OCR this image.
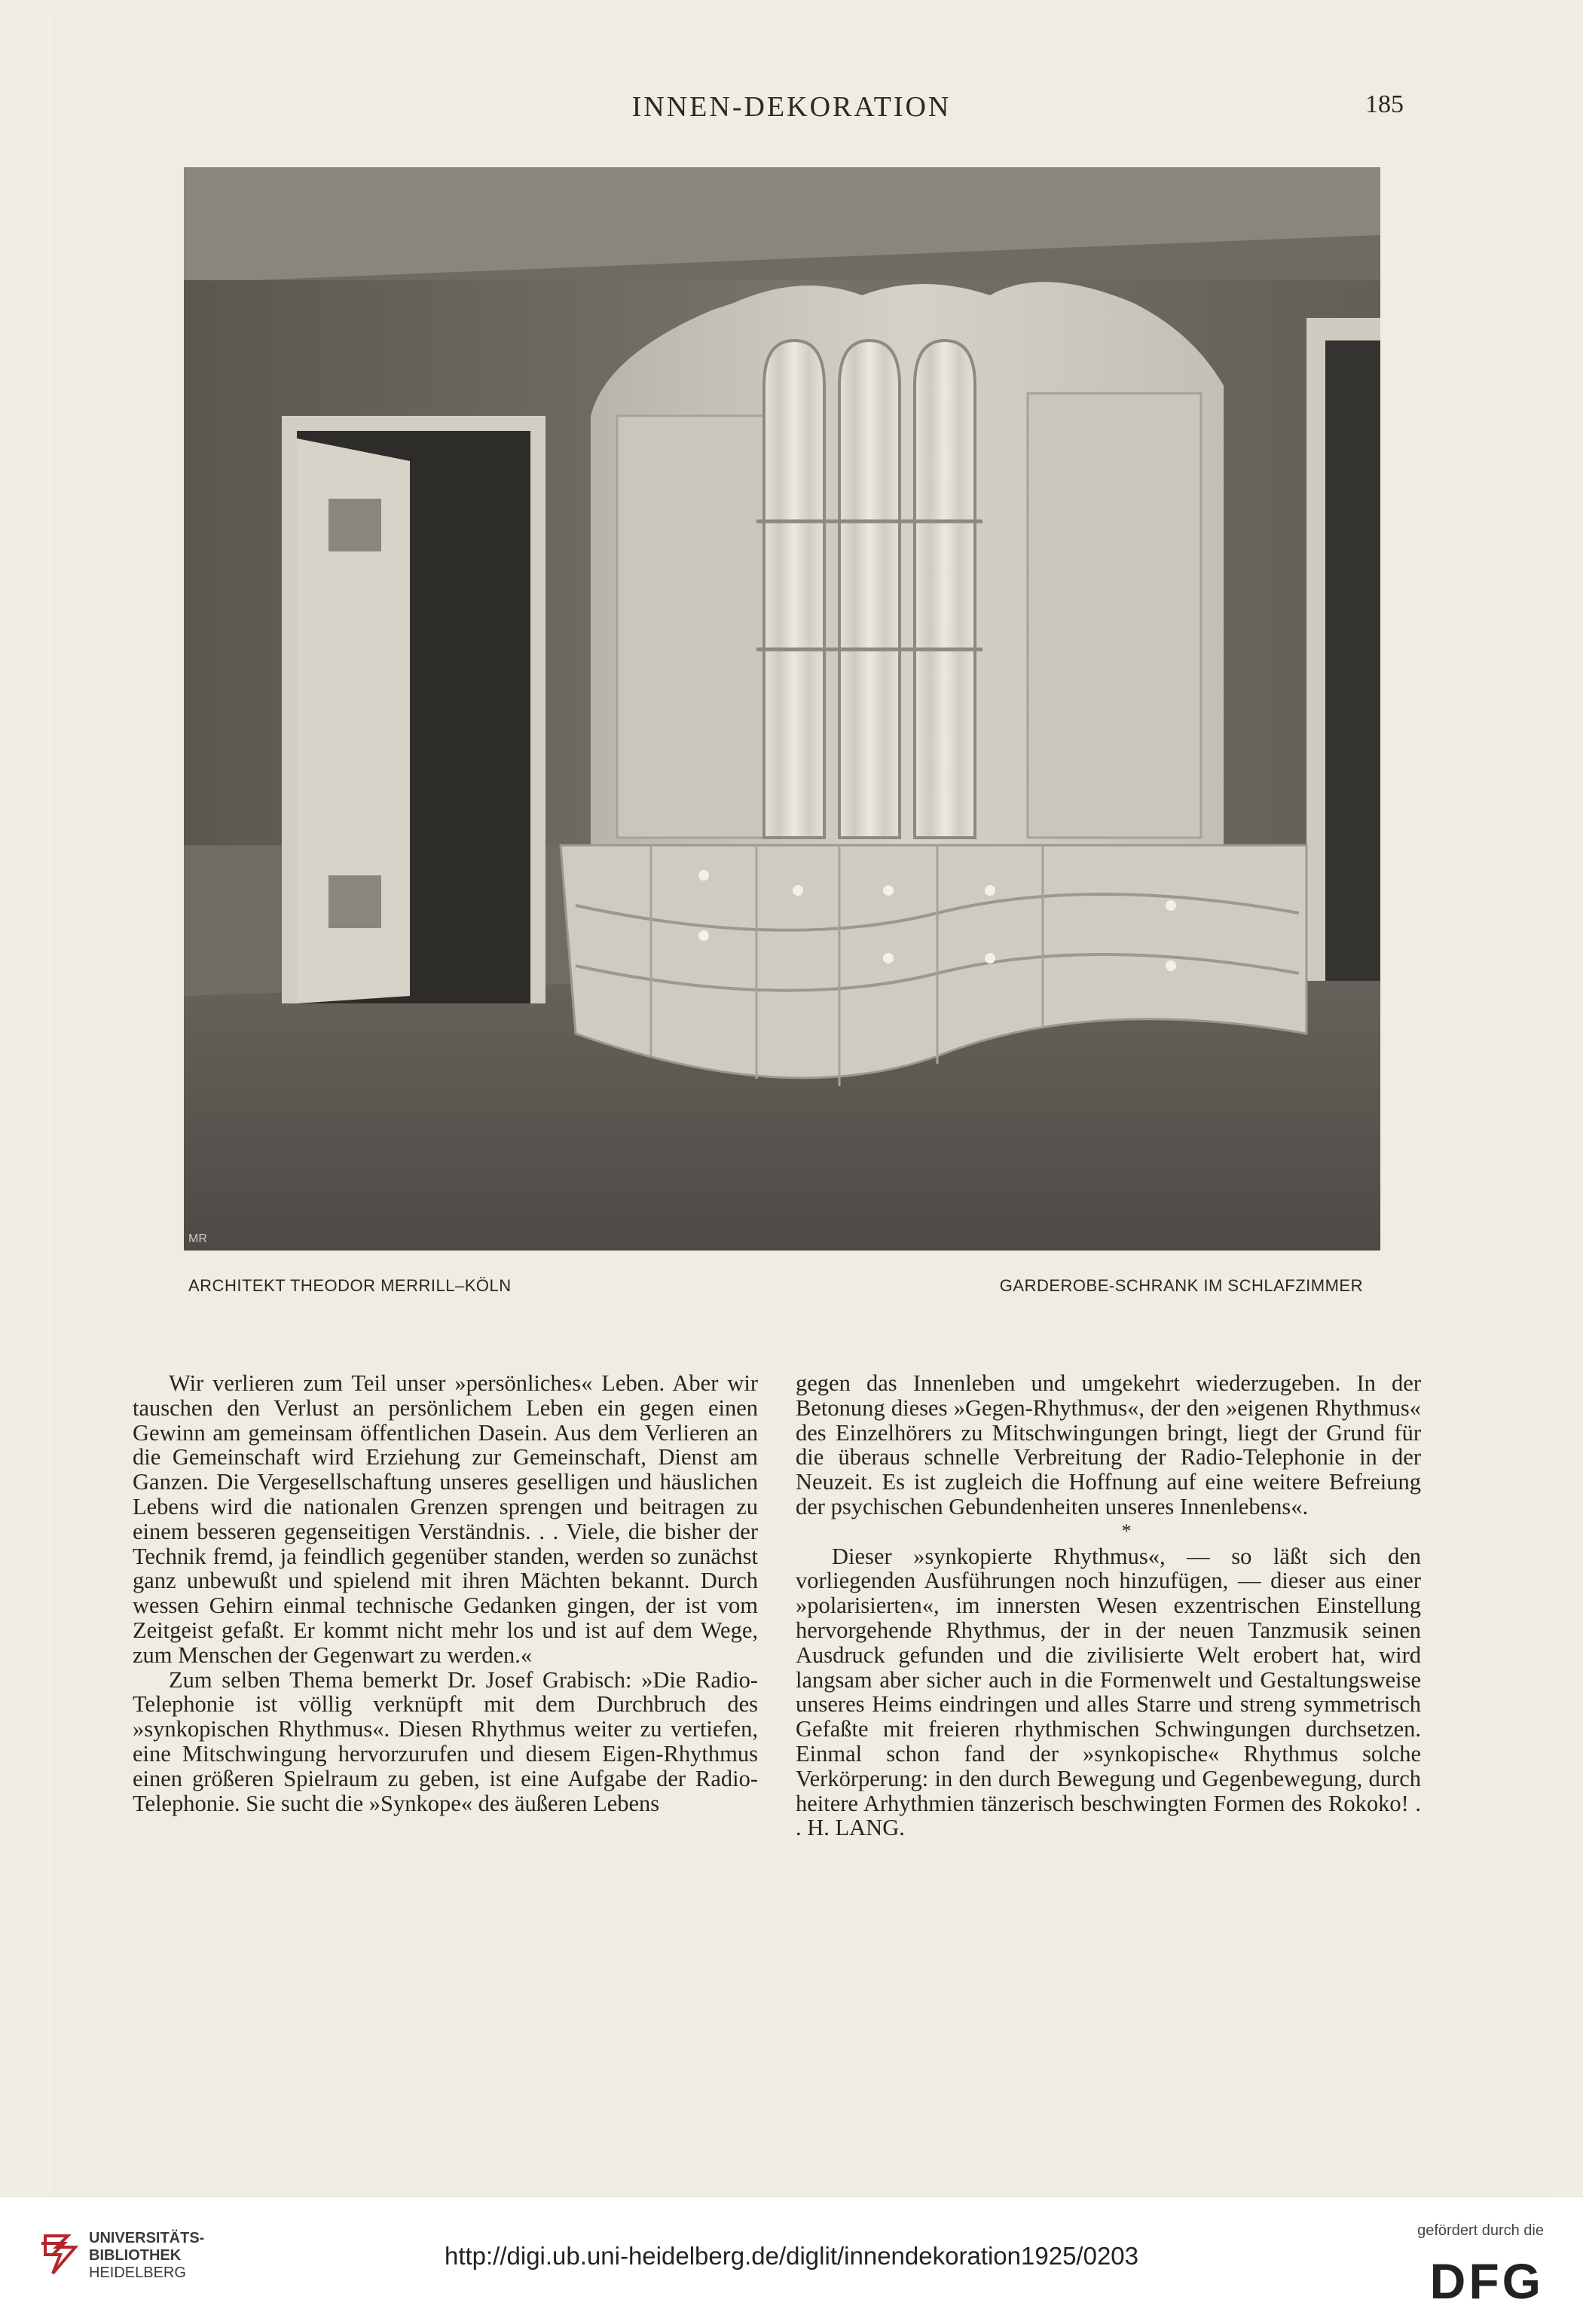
INNEN-DEKORATION	185
MR
ARCHITEKT THEODOR MERRILL–KÖLN	GARDEROBE-SCHRANK IM SCHLAFZIMMER

Wir verlieren zum Teil unser »persönliches« Leben. Aber wir tauschen den Verlust an persönlichem Leben ein gegen einen Gewinn am gemeinsam öffentlichen Dasein. Aus dem Verlieren an die Gemeinschaft wird Erziehung zur Gemeinschaft, Dienst am Ganzen. Die Vergesellschaftung unseres geselligen und häuslichen Lebens wird die nationalen Grenzen sprengen und beitragen zu einem besseren gegenseitigen Verständnis. . . Viele, die bisher der Technik fremd, ja feindlich gegenüber standen, werden so zunächst ganz unbewußt und spielend mit ihren Mächten bekannt. Durch wessen Gehirn einmal technische Gedanken gingen, der ist vom Zeitgeist gefaßt. Er kommt nicht mehr los und ist auf dem Wege, zum Menschen der Gegenwart zu werden.«

Zum selben Thema bemerkt Dr. Josef Grabisch: »Die Radio-Telephonie ist völlig verknüpft mit dem Durchbruch des »synkopischen Rhythmus«. Diesen Rhythmus weiter zu vertiefen, eine Mitschwingung hervorzurufen und diesem Eigen-Rhythmus einen größeren Spielraum zu geben, ist eine Aufgabe der Radio-Telephonie. Sie sucht die »Synkope« des äußeren Lebens

gegen das Innenleben und umgekehrt wiederzugeben. In der Betonung dieses »Gegen-Rhythmus«, der den »eigenen Rhythmus« des Einzelhörers zu Mitschwingungen bringt, liegt der Grund für die überaus schnelle Verbreitung der Radio-Telephonie in der Neuzeit. Es ist zugleich die Hoffnung auf eine weitere Befreiung der psychischen Gebundenheiten unseres Innenlebens«.

*

Dieser »synkopierte Rhythmus«, — so läßt sich den vorliegenden Ausführungen noch hinzufügen, — dieser aus einer »polarisierten«, im innersten Wesen exzentrischen Einstellung hervorgehende Rhythmus, der in der neuen Tanzmusik seinen Ausdruck gefunden und die zivilisierte Welt erobert hat, wird langsam aber sicher auch in die Formenwelt und Gestaltungsweise unseres Heims eindringen und alles Starre und streng symmetrisch Gefaßte mit freieren rhythmischen Schwingungen durchsetzen. Einmal schon fand der »synkopische« Rhythmus solche Verkörperung: in den durch Bewegung und Gegenbewegung, durch heitere Arhythmien tänzerisch beschwingten Formen des Rokoko! . . H. LANG.

UNIVERSITÄTS-
BIBLIOTHEK
HEIDELBERG
http://digi.ub.uni-heidelberg.de/diglit/innendekoration1925/0203
gefördert durch die
DFG
